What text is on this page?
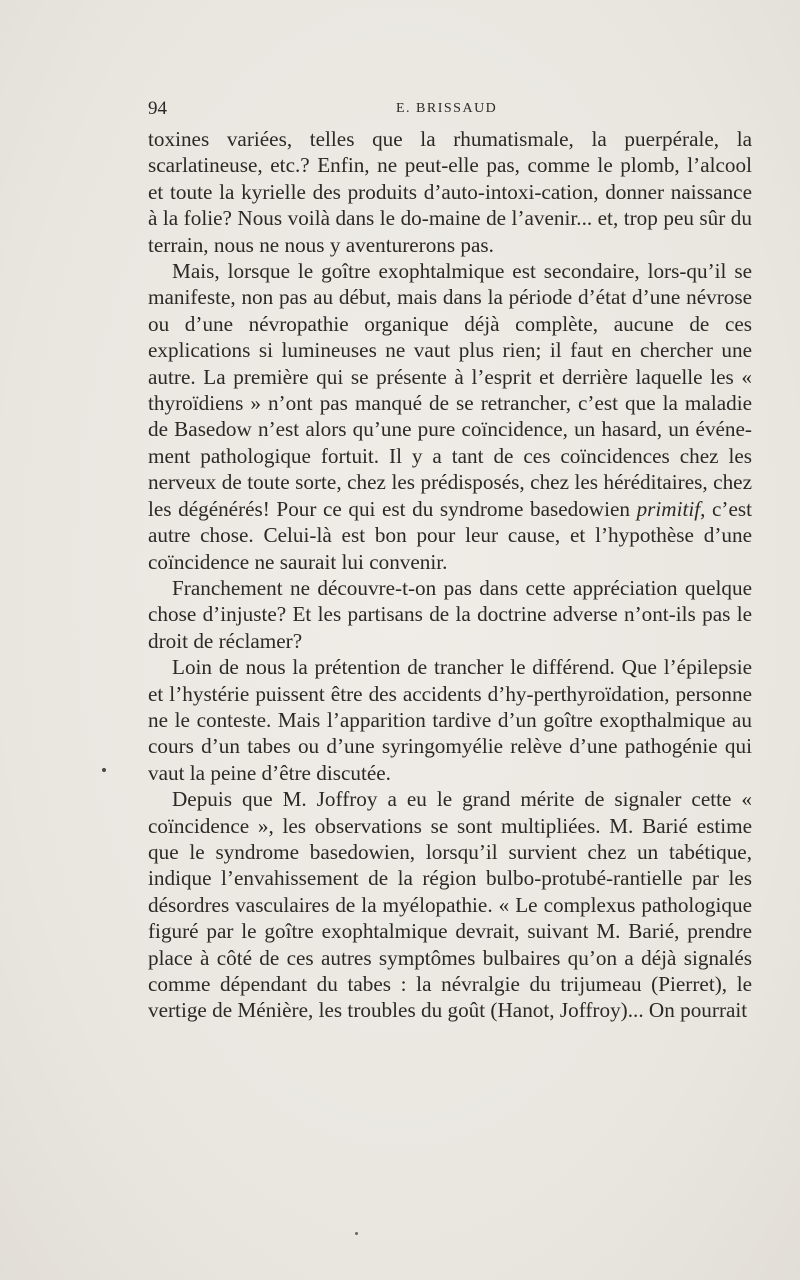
94	E. BRISSAUD

toxines variées, telles que la rhumatismale, la puerpérale, la scarlatineuse, etc.? Enfin, ne peut-elle pas, comme le plomb, l’alcool et toute la kyrielle des produits d’auto-intoxi-cation, donner naissance à la folie? Nous voilà dans le do-maine de l’avenir... et, trop peu sûr du terrain, nous ne nous y aventurerons pas.

Mais, lorsque le goître exophtalmique est secondaire, lors-qu’il se manifeste, non pas au début, mais dans la période d’état d’une névrose ou d’une névropathie organique déjà complète, aucune de ces explications si lumineuses ne vaut plus rien; il faut en chercher une autre. La première qui se présente à l’esprit et derrière laquelle les « thyroïdiens » n’ont pas manqué de se retrancher, c’est que la maladie de Basedow n’est alors qu’une pure coïncidence, un hasard, un événe-ment pathologique fortuit. Il y a tant de ces coïncidences chez les nerveux de toute sorte, chez les prédisposés, chez les héréditaires, chez les dégénérés! Pour ce qui est du syndrome basedowien primitif, c’est autre chose. Celui-là est bon pour leur cause, et l’hypothèse d’une coïncidence ne saurait lui convenir.

Franchement ne découvre-t-on pas dans cette appréciation quelque chose d’injuste? Et les partisans de la doctrine adverse n’ont-ils pas le droit de réclamer?

Loin de nous la prétention de trancher le différend. Que l’épilepsie et l’hystérie puissent être des accidents d’hy-perthyroïdation, personne ne le conteste. Mais l’apparition tardive d’un goître exopthalmique au cours d’un tabes ou d’une syringomyélie relève d’une pathogénie qui vaut la peine d’être discutée.

Depuis que M. Joffroy a eu le grand mérite de signaler cette « coïncidence », les observations se sont multipliées. M. Barié estime que le syndrome basedowien, lorsqu’il survient chez un tabétique, indique l’envahissement de la région bulbo-protubé-rantielle par les désordres vasculaires de la myélopathie. « Le complexus pathologique figuré par le goître exophtalmique devrait, suivant M. Barié, prendre place à côté de ces autres symptômes bulbaires qu’on a déjà signalés comme dépendant du tabes : la névralgie du trijumeau (Pierret), le vertige de Ménière, les troubles du goût (Hanot, Joffroy)... On pourrait
